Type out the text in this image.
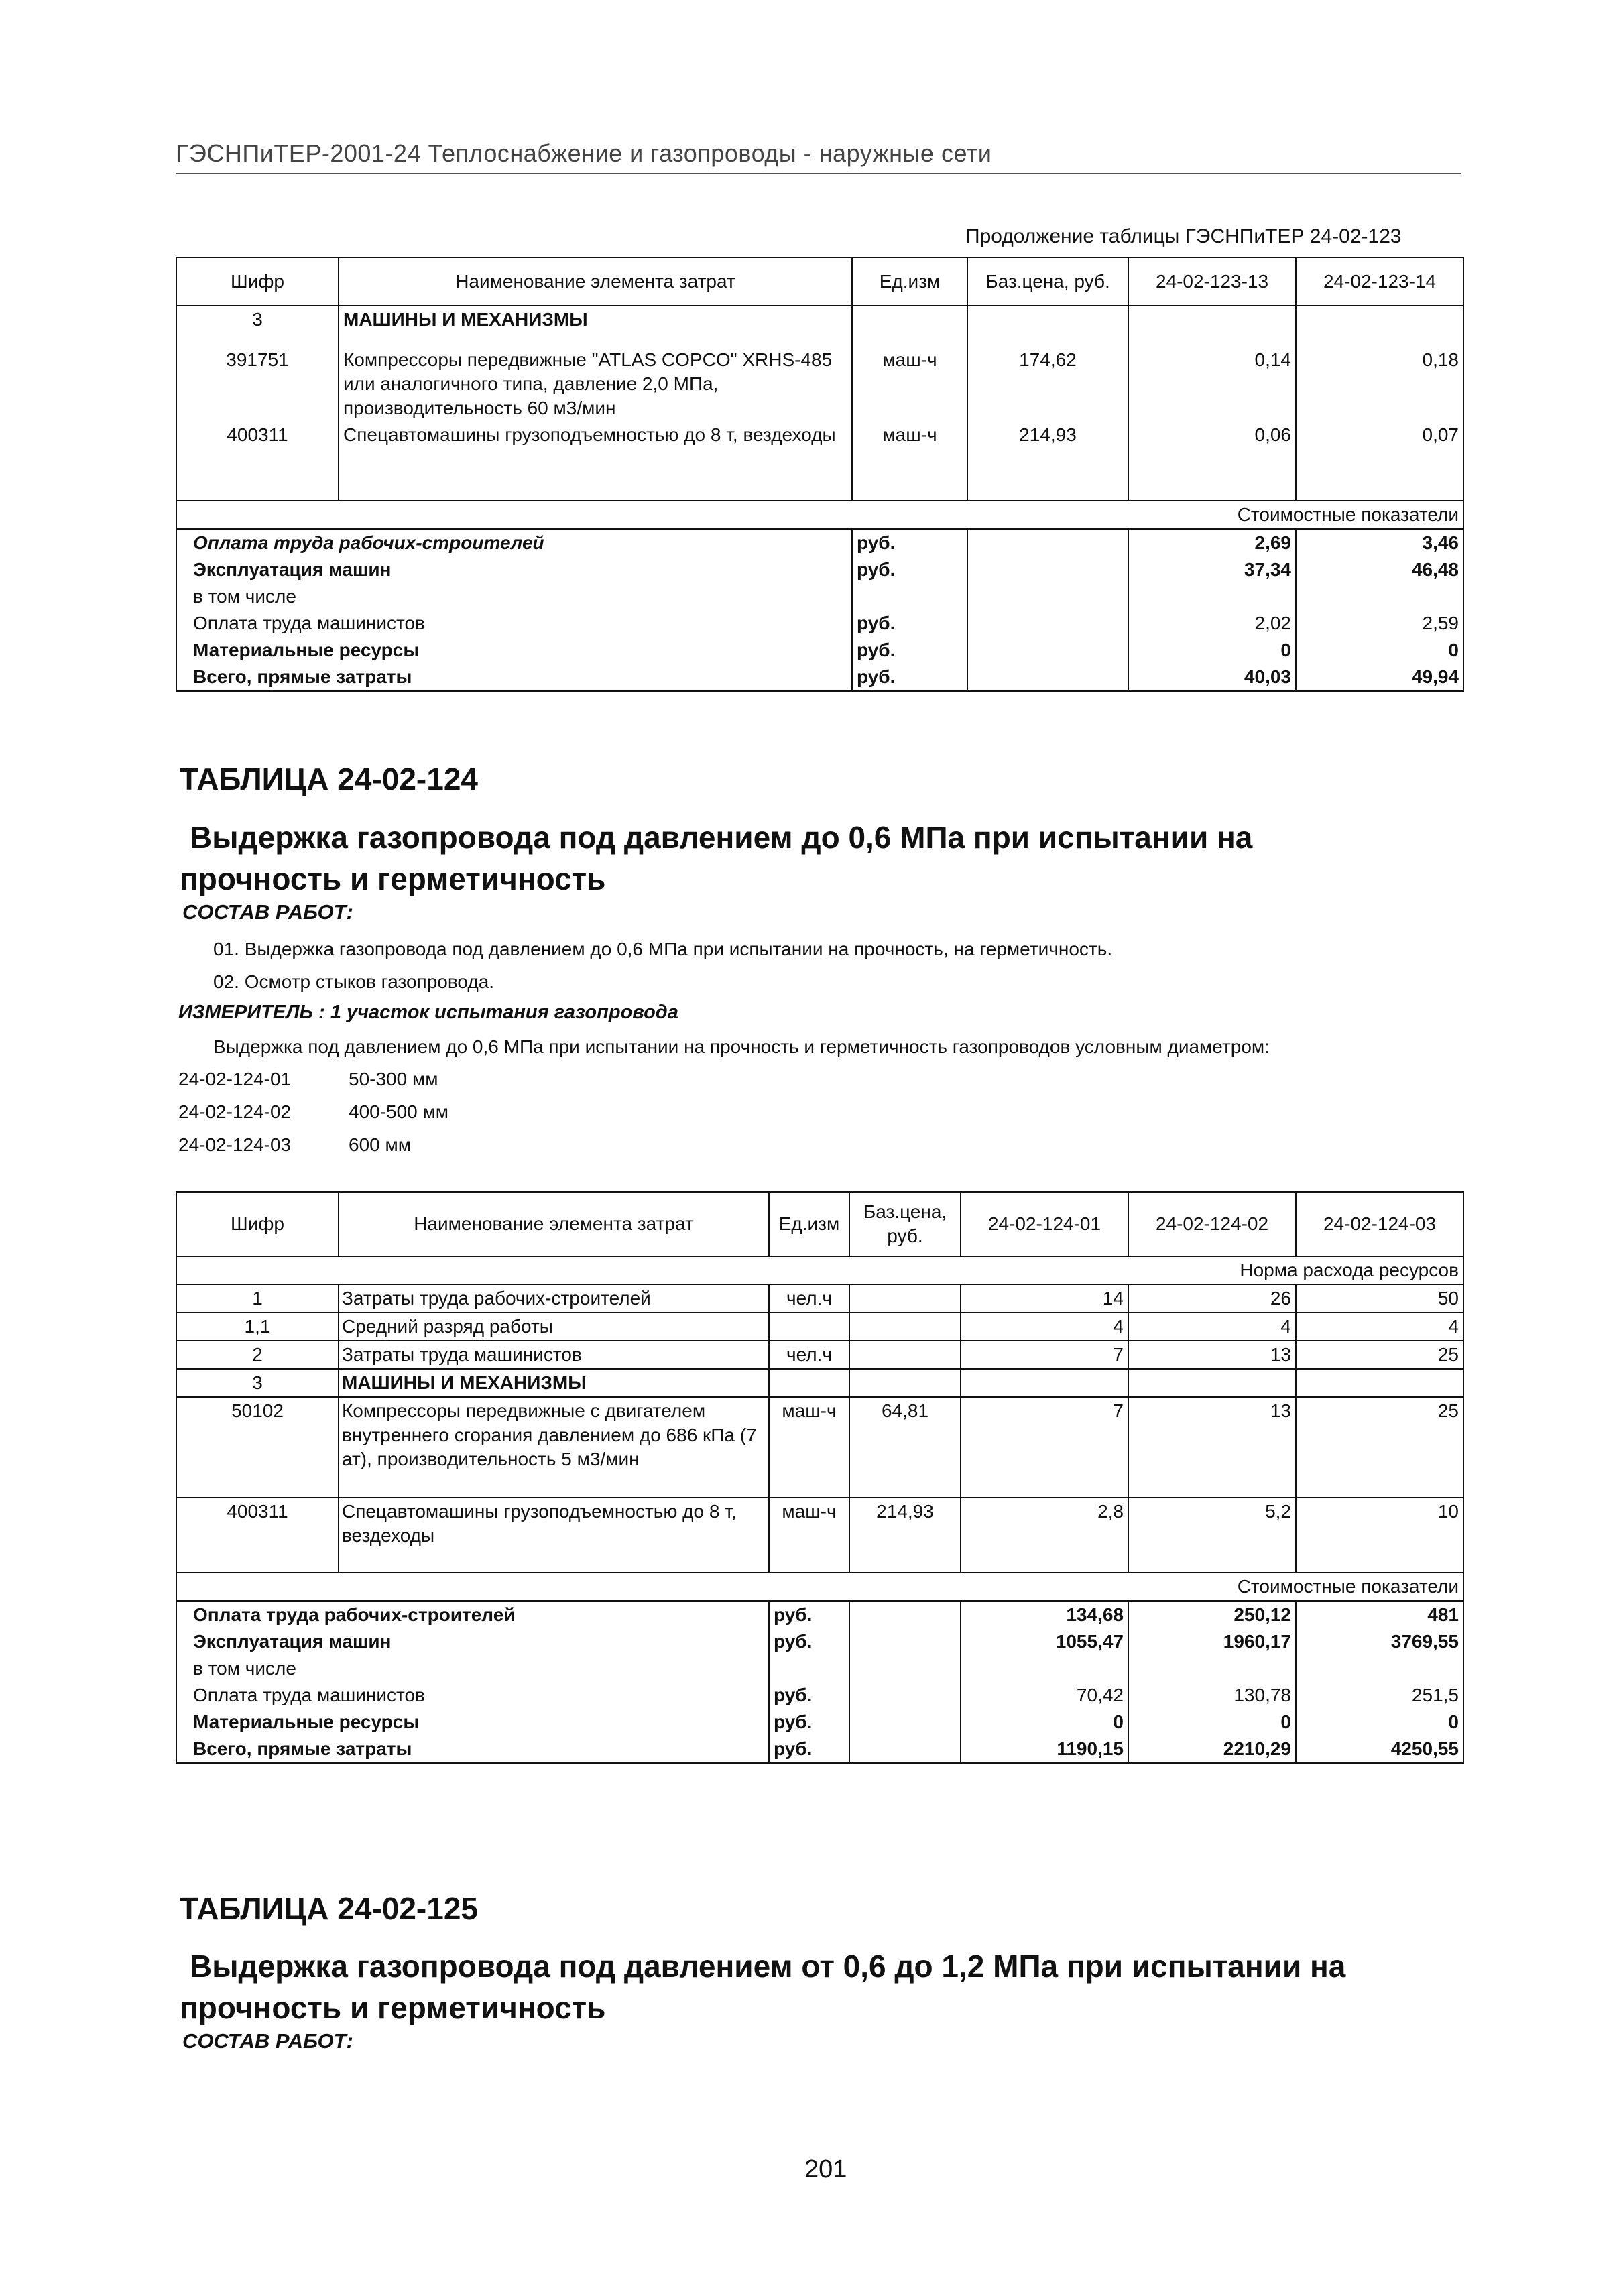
ГЭСНПиТЕР-2001-24 Теплоснабжение и газопроводы - наружные сети
Продолжение таблицы ГЭСНПиТЕР 24-02-123
Шифр	Наименование элемента затрат	Ед.изм	Баз.цена, руб.	24-02-123-13	24-02-123-14
3	МАШИНЫ И МЕХАНИЗМЫ				
391751	Компрессоры передвижные "ATLAS COPCO" XRHS-485 или аналогичного типа, давление 2,0 МПа, производительность 60 м3/мин	маш-ч	174,62	0,14	0,18
400311	Спецавтомашины грузоподъемностью до 8 т, вездеходы	маш-ч	214,93	0,06	0,07
Стоимостные показатели					
Оплата труда рабочих-строителей		руб.		2,69	3,46
Эксплуатация машин		руб.		37,34	46,48
в том числе					
Оплата труда машинистов		руб.		2,02	2,59
Материальные ресурсы		руб.		0	0
Всего, прямые затраты		руб.		40,03	49,94
ТАБЛИЦА 24-02-124
Выдержка газопровода под давлением до 0,6 МПа при испытании на
прочность и герметичность
СОСТАВ РАБОТ:
01. Выдержка газопровода под давлением до 0,6 МПа при испытании на прочность, на герметичность.
02. Осмотр стыков газопровода.
ИЗМЕРИТЕЛЬ : 1 участок испытания газопровода
Выдержка под давлением до 0,6 МПа при испытании на прочность и герметичность газопроводов условным диаметром:
24-02-124-01	50-300 мм
24-02-124-02	400-500 мм
24-02-124-03	600 мм
Шифр	Наименование элемента затрат	Ед.изм	Баз.цена, руб.	24-02-124-01	24-02-124-02	24-02-124-03
Норма расхода ресурсов						
1	Затраты труда рабочих-строителей	чел.ч		14	26	50
1,1	Средний разряд работы			4	4	4
2	Затраты труда машинистов	чел.ч		7	13	25
3	МАШИНЫ И МЕХАНИЗМЫ					
50102	Компрессоры передвижные с двигателем внутреннего сгорания давлением до 686 кПа (7 ат), производительность 5 м3/мин	маш-ч	64,81	7	13	25
400311	Спецавтомашины грузоподъемностью до 8 т, вездеходы	маш-ч	214,93	2,8	5,2	10
Стоимостные показатели						
Оплата труда рабочих-строителей		руб.		134,68	250,12	481
Эксплуатация машин		руб.		1055,47	1960,17	3769,55
в том числе						
Оплата труда машинистов		руб.		70,42	130,78	251,5
Материальные ресурсы		руб.		0	0	0
Всего, прямые затраты		руб.		1190,15	2210,29	4250,55
ТАБЛИЦА 24-02-125
Выдержка газопровода под давлением от 0,6 до 1,2 МПа при испытании на
прочность и герметичность
СОСТАВ РАБОТ:
201
